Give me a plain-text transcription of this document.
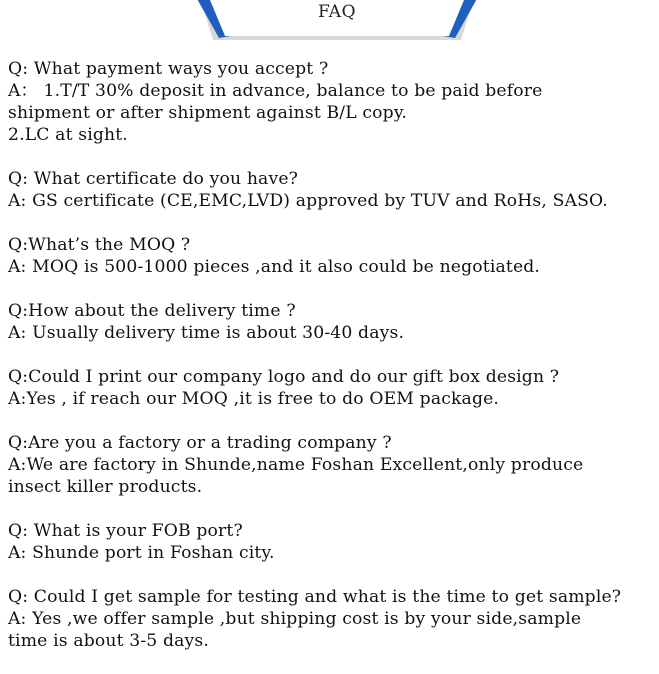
FAQ
Q: What payment ways you accept ?
A： 1.T/T 30% deposit in advance, balance to be paid before
shipment or after shipment against B/L copy.
2.LC at sight.
Q: What certificate do you have?
A: GS certificate (CE,EMC,LVD) approved by TUV and RoHs, SASO.
Q:What’s the MOQ ?
A: MOQ is 500-1000 pieces ,and it also could be negotiated.
Q:How about the delivery time ?
A: Usually delivery time is about 30-40 days.
Q:Could I print our company logo and do our gift box design ?
A:Yes , if reach our MOQ ,it is free to do OEM package.
Q:Are you a factory or a trading company ?
A:We are factory in Shunde,name Foshan Excellent,only produce
insect killer products.
Q: What is your FOB port?
A: Shunde port in Foshan city.
Q: Could I get sample for testing and what is the time to get sample?
A: Yes ,we offer sample ,but shipping cost is by your side,sample
time is about 3-5 days.
